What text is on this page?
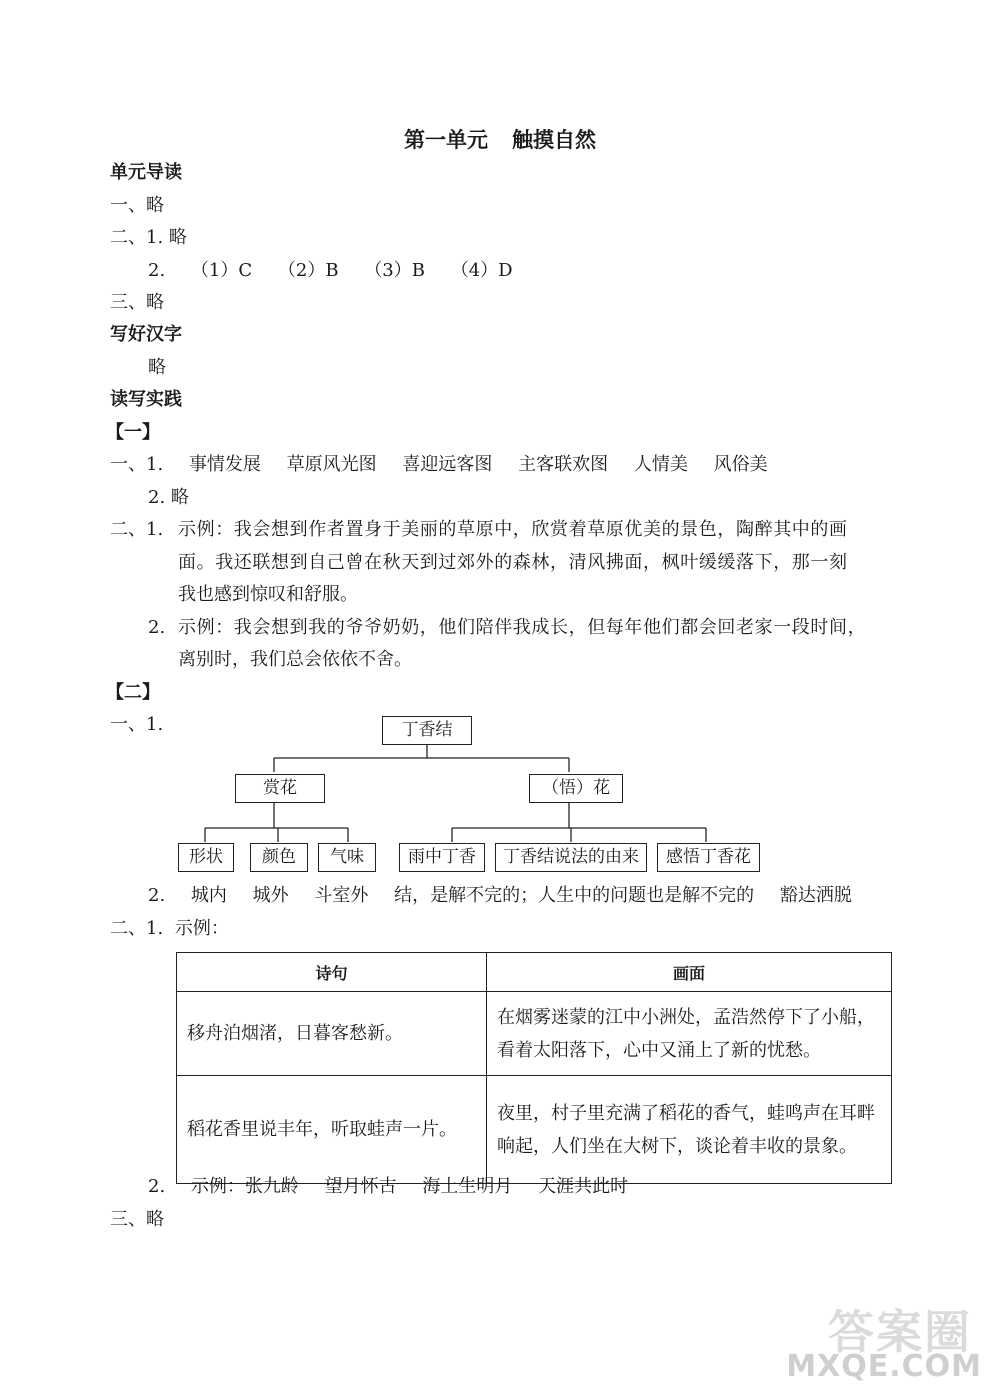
第一单元 触摸自然
单元导读
一、略
二、1. 略
2. （1）C （2）B （3）B （4）D
三、略
写好汉字
略
读写实践
【一】
一、1. 事情发展 草原风光图 喜迎远客图 主客联欢图 人情美 风俗美
2. 略
二、1. 示例：我会想到作者置身于美丽的草原中，欣赏着草原优美的景色，陶醉其中的画
面。我还联想到自己曾在秋天到过郊外的森林，清风拂面，枫叶缓缓落下，那一刻
我也感到惊叹和舒服。
2. 示例：我会想到我的爷爷奶奶，他们陪伴我成长，但每年他们都会回老家一段时间，
离别时，我们总会依依不舍。
【二】
一、1.	丁香结
赏花	（悟）花
形状	颜色	气味	雨中丁香	丁香结说法的由来	感悟丁香花
2. 城内 城外 斗室外 结，是解不完的；人生中的问题也是解不完的 豁达洒脱
二、1. 示例：
诗句	画面
移舟泊烟渚，日暮客愁新。	在烟雾迷蒙的江中小洲处，孟浩然停下了小船，看着太阳落下，心中又涌上了新的忧愁。
稻花香里说丰年，听取蛙声一片。	夜里，村子里充满了稻花的香气，蛙鸣声在耳畔响起，人们坐在大树下，谈论着丰收的景象。
2. 示例：张九龄 望月怀古 海上生明月 天涯共此时
三、略
答案圈
MXQE.COM
